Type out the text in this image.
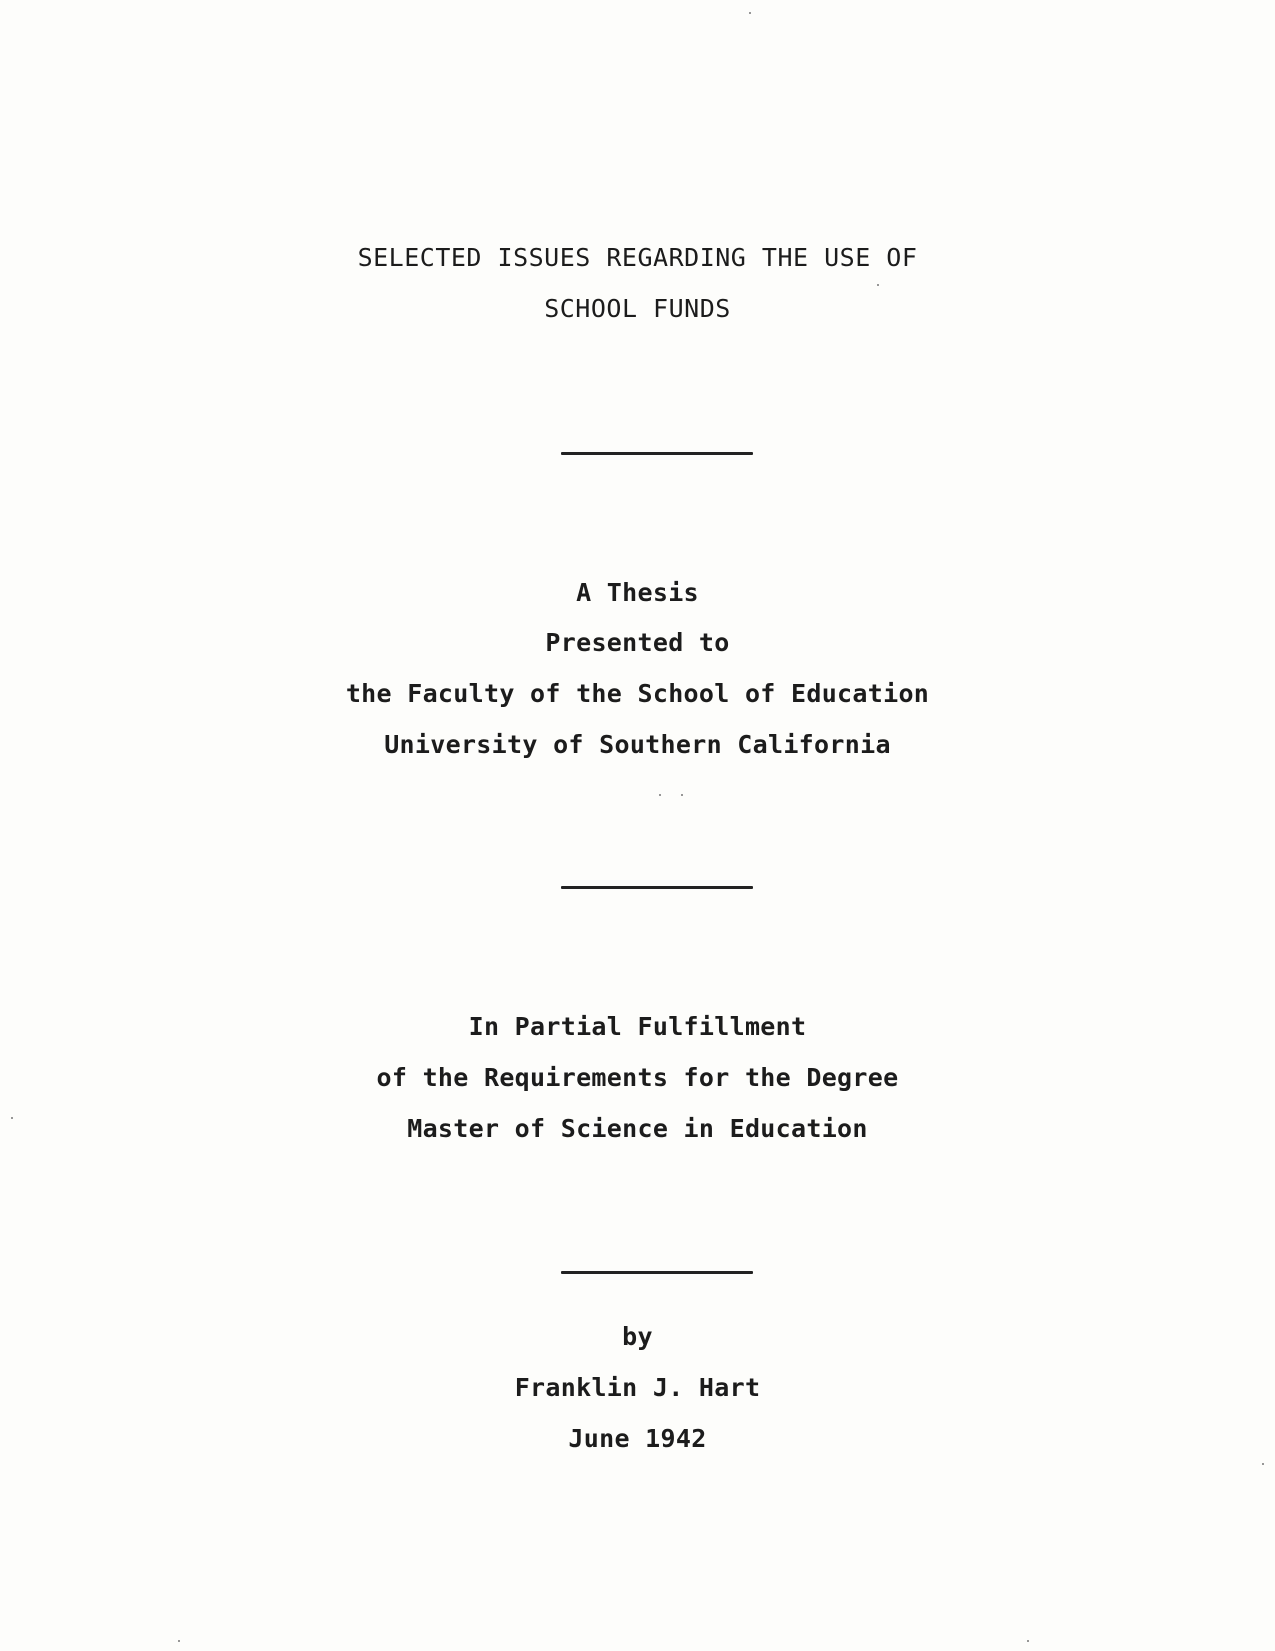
SELECTED ISSUES REGARDING THE USE OF
SCHOOL FUNDS
A Thesis
Presented to
the Faculty of the School of Education
University of Southern California
In Partial Fulfillment
of the Requirements for the Degree
Master of Science in Education
by
Franklin J. Hart
June 1942
